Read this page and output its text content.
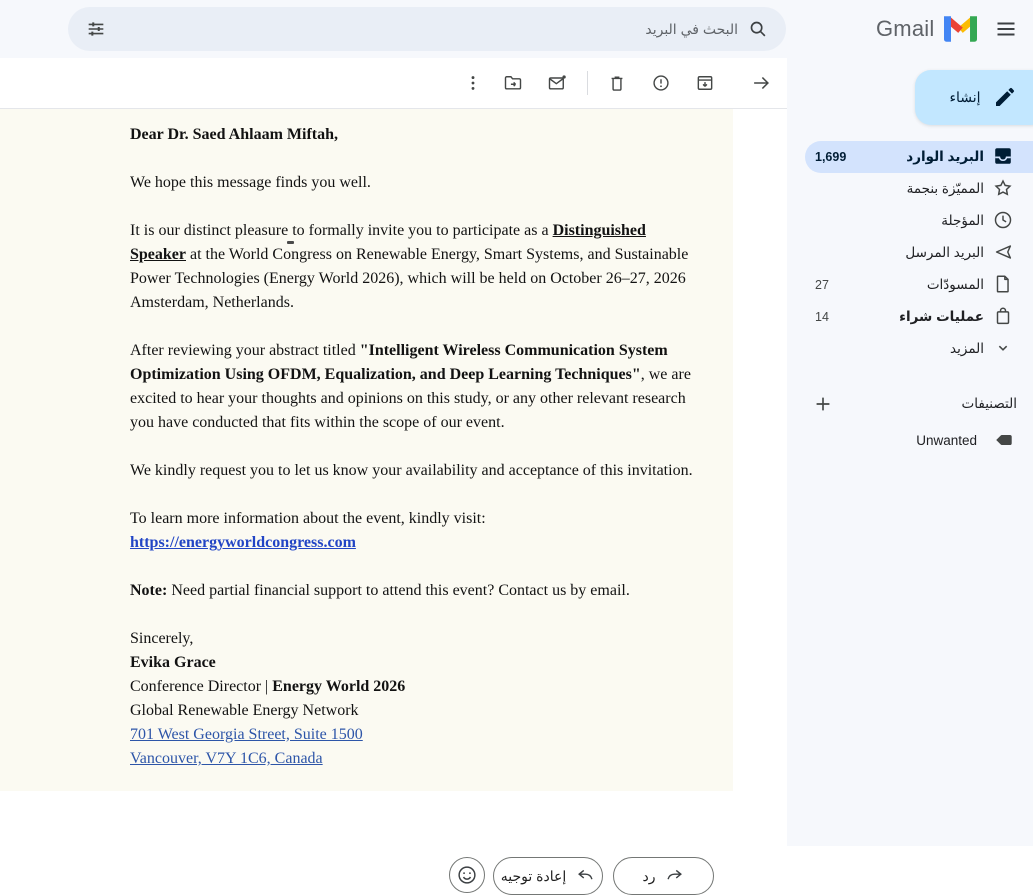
البحث في البريد	Gmail

Dear Dr. Saed Ahlaam Miftah,

We hope this message finds you well.

It is our distinct pleasure to formally invite you to participate as a Distinguished Speaker at the World Congress on Renewable Energy, Smart Systems, and Sustainable Power Technologies (Energy World 2026), which will be held on October 26–27, 2026 Amsterdam, Netherlands.

After reviewing your abstract titled "Intelligent Wireless Communication System Optimization Using OFDM, Equalization, and Deep Learning Techniques", we are excited to hear your thoughts and opinions on this study, or any other relevant research you have conducted that fits within the scope of our event.

We kindly request you to let us know your availability and acceptance of this invitation.

To learn more information about the event, kindly visit: https://energyworldcongress.com

Note: Need partial financial support to attend this event? Contact us by email.

Sincerely,
Evika Grace
Conference Director | Energy World 2026
Global Renewable Energy Network
701 West Georgia Street, Suite 1500
Vancouver, V7Y 1C6, Canada

إعادة توجيه	رد
إنشاء
البريد الوارد
1,699
المميّزة بنجمة
المؤجلة
البريد المرسل
المسودّات
27
عمليات شراء
14
المزيد
التصنيفات
Unwanted
